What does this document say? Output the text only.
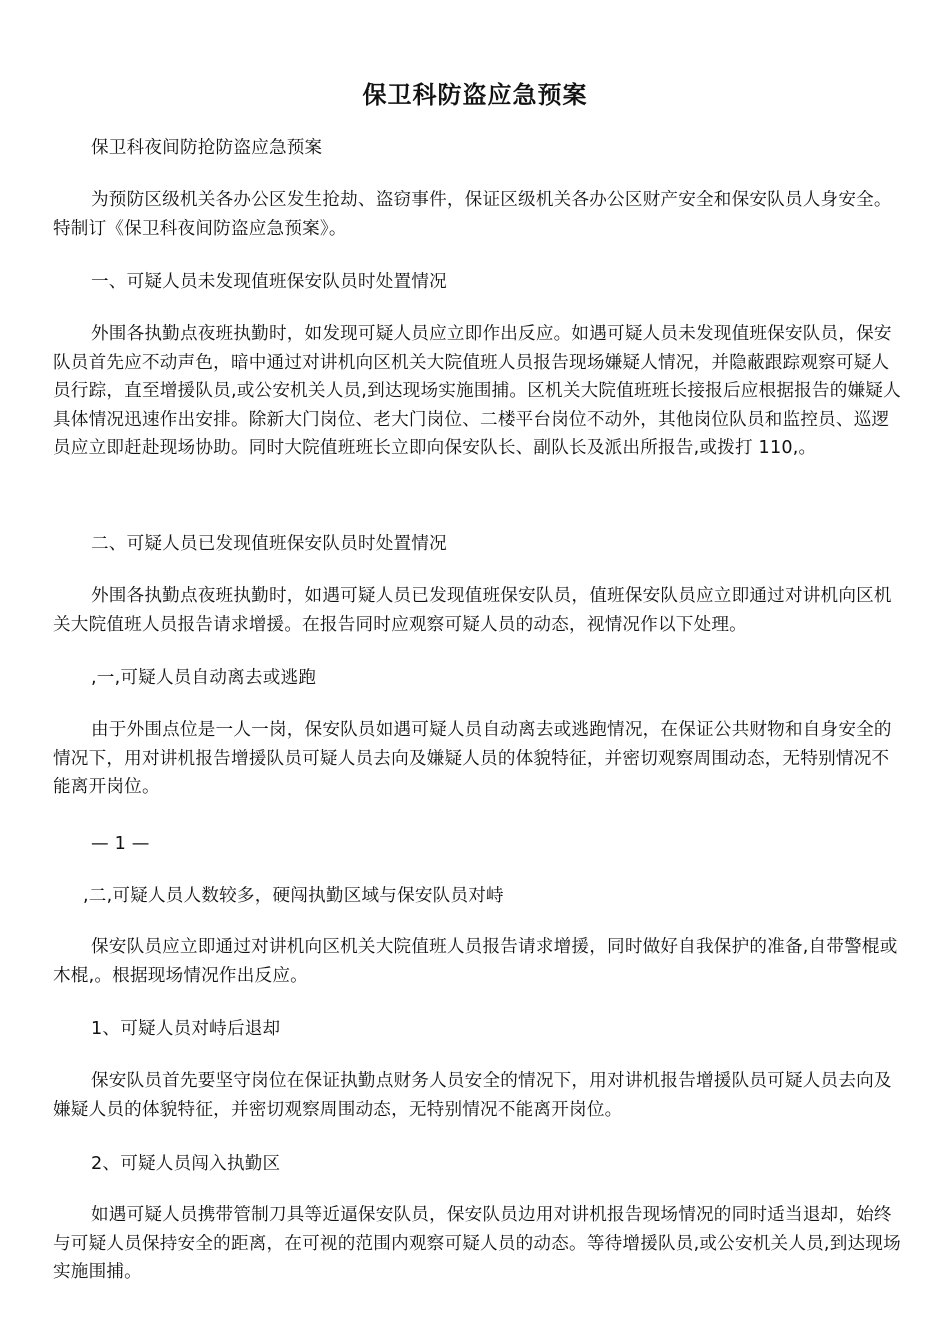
保卫科防盗应急预案

保卫科夜间防抢防盗应急预案

为预防区级机关各办公区发生抢劫、盗窃事件，保证区级机关各办公区财产安全和保安队员人身安全。特制订《保卫科夜间防盗应急预案》。

一、可疑人员未发现值班保安队员时处置情况

外围各执勤点夜班执勤时，如发现可疑人员应立即作出反应。如遇可疑人员未发现值班保安队员，保安队员首先应不动声色，暗中通过对讲机向区机关大院值班人员报告现场嫌疑人情况，并隐蔽跟踪观察可疑人员行踪，直至增援队员,或公安机关人员,到达现场实施围捕。区机关大院值班班长接报后应根据报告的嫌疑人具体情况迅速作出安排。除新大门岗位、老大门岗位、二楼平台岗位不动外，其他岗位队员和监控员、巡逻员应立即赶赴现场协助。同时大院值班班长立即向保安队长、副队长及派出所报告,或拨打 110,。

二、可疑人员已发现值班保安队员时处置情况

外围各执勤点夜班执勤时，如遇可疑人员已发现值班保安队员，值班保安队员应立即通过对讲机向区机关大院值班人员报告请求增援。在报告同时应观察可疑人员的动态，视情况作以下处理。

,一,可疑人员自动离去或逃跑

由于外围点位是一人一岗，保安队员如遇可疑人员自动离去或逃跑情况，在保证公共财物和自身安全的情况下，用对讲机报告增援队员可疑人员去向及嫌疑人员的体貌特征，并密切观察周围动态，无特别情况不能离开岗位。

— 1 —

,二,可疑人员人数较多，硬闯执勤区域与保安队员对峙

保安队员应立即通过对讲机向区机关大院值班人员报告请求增援，同时做好自我保护的准备,自带警棍或木棍,。根据现场情况作出反应。

1、可疑人员对峙后退却

保安队员首先要坚守岗位在保证执勤点财务人员安全的情况下，用对讲机报告增援队员可疑人员去向及嫌疑人员的体貌特征，并密切观察周围动态，无特别情况不能离开岗位。

2、可疑人员闯入执勤区

如遇可疑人员携带管制刀具等近逼保安队员，保安队员边用对讲机报告现场情况的同时适当退却，始终与可疑人员保持安全的距离，在可视的范围内观察可疑人员的动态。等待增援队员,或公安机关人员,到达现场实施围捕。
